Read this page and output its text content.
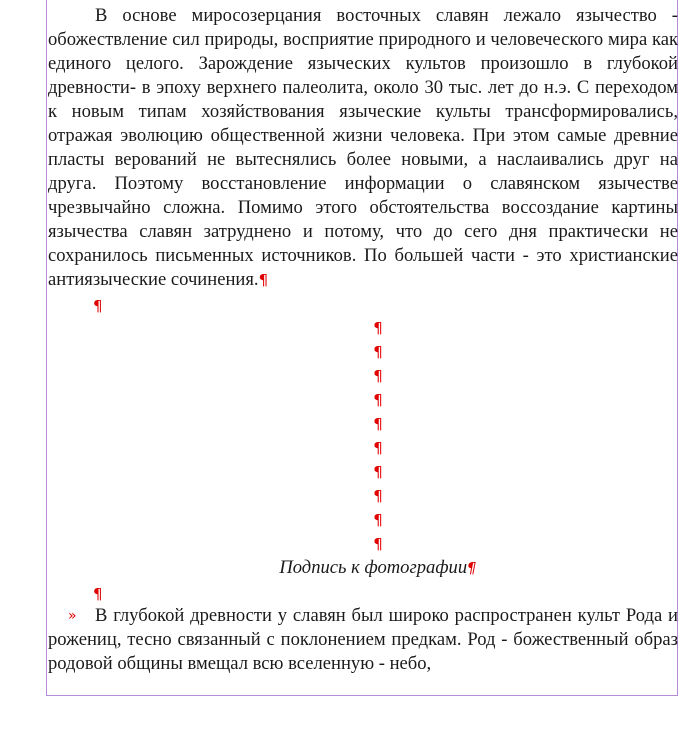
В основе миросозерцания восточных славян лежало язычество - обожествление сил природы, восприятие природного и человеческого мира как единого целого. Зарождение языческих культов произошло в глубокой древности- в эпоху верхнего палеолита, около 30 тыс. лет до н.э. С переходом к новым типам хозяйствования языческие культы трансформировались, отражая эволюцию общественной жизни человека. При этом самые древние пласты верований не вытеснялись более новыми, а наслаивались друг на друга. Поэтому восстановление информации о славянском язычестве чрезвычайно сложна. Помимо этого обстоятельства воссоздание картины язычества славян затруднено и потому, что до сего дня практически не сохранилось письменных источников. По большей части - это христианские антиязыческие сочинения.¶

¶
¶
¶
¶
¶
¶
¶
¶
¶
¶
¶
Подпись к фотографии¶
¶

» В глубокой древности у славян был широко распространен культ Рода и рожениц, тесно связанный с поклонением предкам. Род - божественный образ родовой общины вмещал всю вселенную - небо,
